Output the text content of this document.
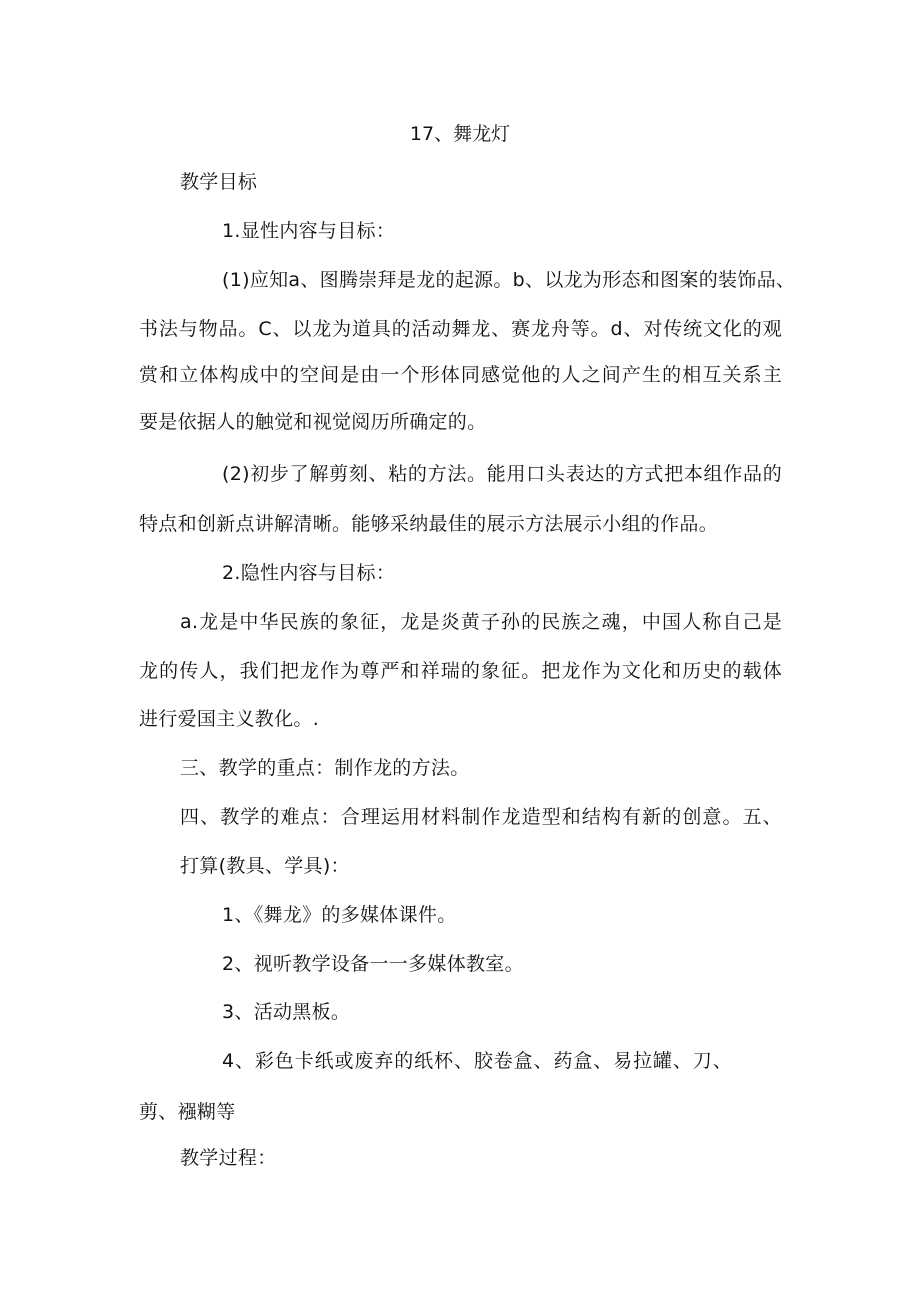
17、舞龙灯
教学目标
1.显性内容与目标：
(1)应知a、图腾崇拜是龙的起源。b、以龙为形态和图案的装饰品、
书法与物品。C、以龙为道具的活动舞龙、赛龙舟等。d、对传统文化的观
赏和立体构成中的空间是由一个形体同感觉他的人之间产生的相互关系主
要是依据人的触觉和视觉阅历所确定的。
(2)初步了解剪刻、粘的方法。能用口头表达的方式把本组作品的
特点和创新点讲解清晰。能够采纳最佳的展示方法展示小组的作品。
2.隐性内容与目标：
a.龙是中华民族的象征，龙是炎黄子孙的民族之魂，中国人称自己是
龙的传人，我们把龙作为尊严和祥瑞的象征。把龙作为文化和历史的载体
进行爱国主义教化。.
三、教学的重点：制作龙的方法。
四、教学的难点：合理运用材料制作龙造型和结构有新的创意。五、
打算(教具、学具)：
1、《舞龙》的多媒体课件。
2、视听教学设备一一多媒体教室。
3、活动黑板。
4、彩色卡纸或废弃的纸杯、胶卷盒、药盒、易拉罐、刀、
剪、襁糊等
教学过程：
